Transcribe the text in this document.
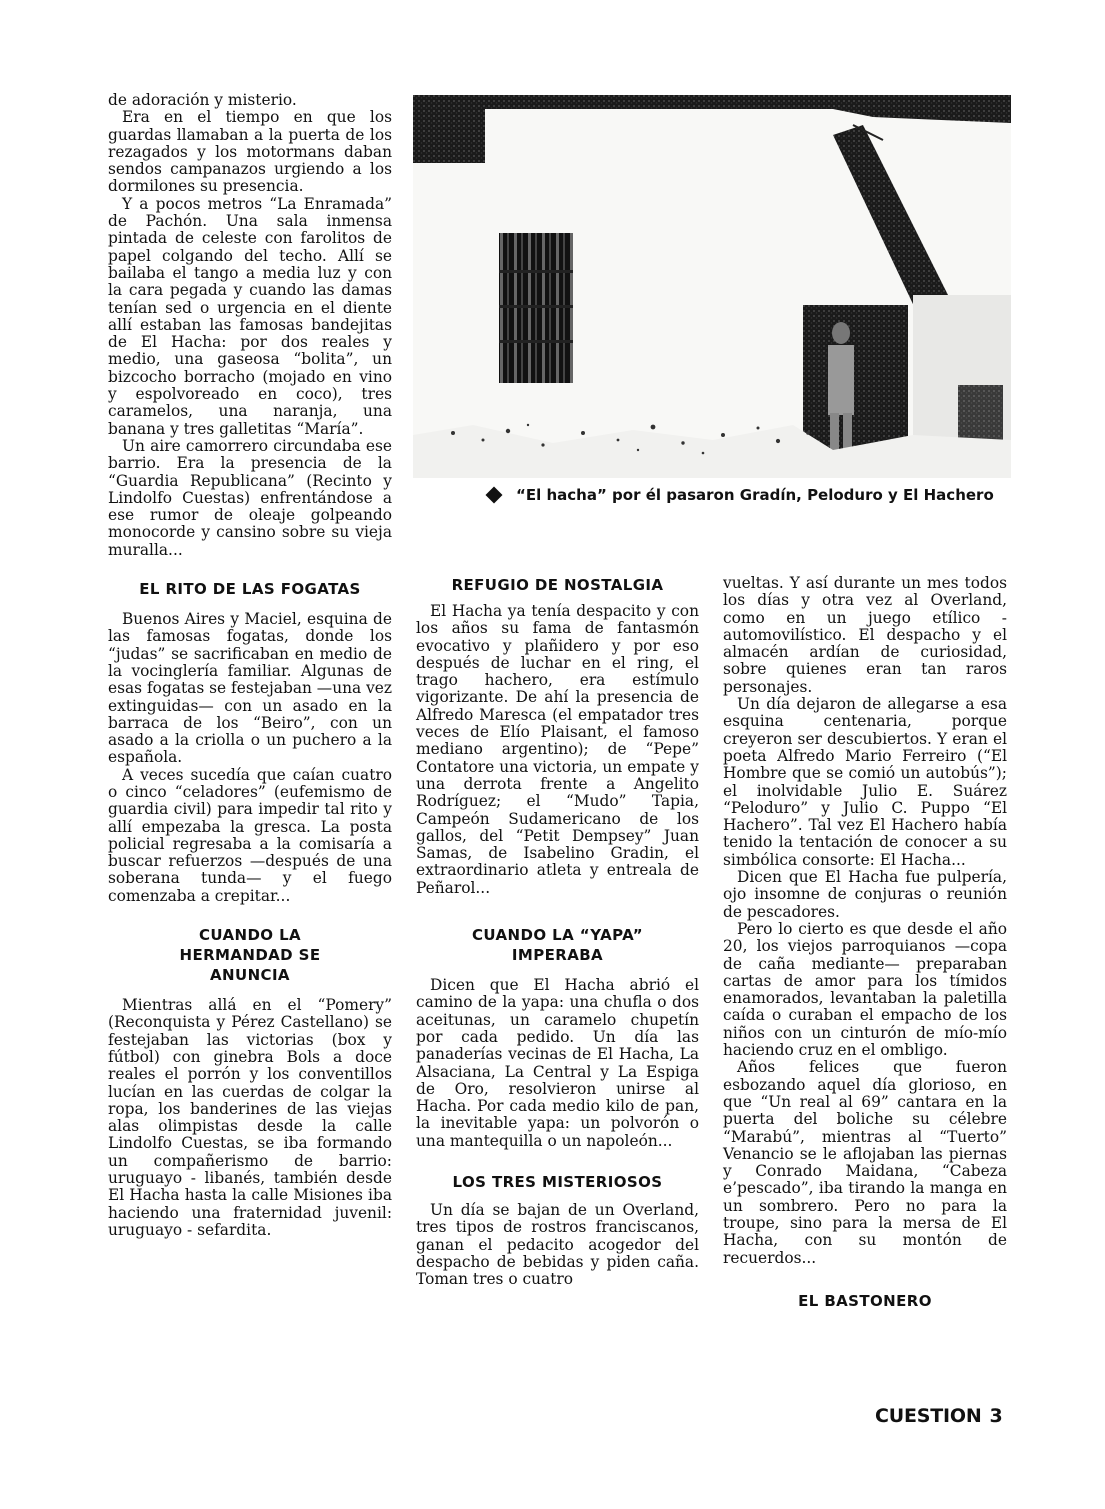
de adoración y misterio.

Era en el tiempo en que los guardas llamaban a la puerta de los rezagados y los motormans daban sendos campanazos urgiendo a los dormilones su presencia.

Y a pocos metros “La Enramada” de Pachón. Una sala inmensa pintada de celeste con farolitos de papel colgando del techo. Allí se bailaba el tango a media luz y con la cara pegada y cuando las damas tenían sed o urgencia en el diente allí estaban las famosas bandejitas de El Hacha: por dos reales y medio, una gaseosa “bolita”, un bizcocho borracho (mojado en vino y espolvoreado en coco), tres caramelos, una naranja, una banana y tres galletitas “María”.

Un aire camorrero circundaba ese barrio. Era la presencia de la “Guardia Republicana” (Recinto y Lindolfo Cuestas) enfrentándose a ese rumor de oleaje golpeando monocorde y cansino sobre su vieja muralla...

EL RITO DE LAS FOGATAS

Buenos Aires y Maciel, esquina de las famosas fogatas, donde los “judas” se sacrificaban en medio de la vocinglería familiar. Algunas de esas fogatas se festejaban —una vez extinguidas— con un asado en la barraca de los “Beiro”, con un asado a la criolla o un puchero a la española.

A veces sucedía que caían cuatro o cinco “celadores” (eufemismo de guardia civil) para impedir tal rito y allí empezaba la gresca. La posta policial regresaba a la comisaría a buscar refuerzos —después de una soberana tunda— y el fuego comenzaba a crepitar...

CUANDO LA HERMANDAD SE ANUNCIA

Mientras allá en el “Pomery” (Reconquista y Pérez Castellano) se festejaban las victorias (box y fútbol) con ginebra Bols a doce reales el porrón y los conventillos lucían en las cuerdas de colgar la ropa, los banderines de las viejas alas olimpistas desde la calle Lindolfo Cuestas, se iba formando un compañerismo de barrio: uruguayo - libanés, también desde El Hacha hasta la calle Misiones iba haciendo una fraternidad juvenil: uruguayo - sefardita.

“El hacha” por él pasaron Gradín, Peloduro y El Hachero
REFUGIO DE NOSTALGIA

El Hacha ya tenía despacito y con los años su fama de fantasmón evocativo y plañidero y por eso después de luchar en el ring, el trago hachero, era estímulo vigorizante. De ahí la presencia de Alfredo Maresca (el empatador tres veces de Elío Plaisant, el famoso mediano argentino); de “Pepe” Contatore una victoria, un empate y una derrota frente a Angelito Rodríguez; el “Mudo” Tapia, Campeón Sudamericano de los gallos, del “Petit Dempsey” Juan Samas, de Isabelino Gradin, el extraordinario atleta y entreala de Peñarol...

CUANDO LA “YAPA” IMPERABA

Dicen que El Hacha abrió el camino de la yapa: una chufla o dos aceitunas, un caramelo chupetín por cada pedido. Un día las panaderías vecinas de El Hacha, La Alsaciana, La Central y La Espiga de Oro, resolvieron unirse al Hacha. Por cada medio kilo de pan, la inevitable yapa: un polvorón o una mantequilla o un napoleón...

LOS TRES MISTERIOSOS

Un día se bajan de un Overland, tres tipos de rostros franciscanos, ganan el pedacito acogedor del despacho de bebidas y piden caña. Toman tres o cuatro

vueltas. Y así durante un mes todos los días y otra vez al Overland, como en un juego etílico - automovilístico. El despacho y el almacén ardían de curiosidad, sobre quienes eran tan raros personajes.

Un día dejaron de allegarse a esa esquina centenaria, porque creyeron ser descubiertos. Y eran el poeta Alfredo Mario Ferreiro (“El Hombre que se comió un autobús”); el inolvidable Julio E. Suárez “Peloduro” y Julio C. Puppo “El Hachero”. Tal vez El Hachero había tenido la tentación de conocer a su simbólica consorte: El Hacha...

Dicen que El Hacha fue pulpería, ojo insomne de conjuras o reunión de pescadores.

Pero lo cierto es que desde el año 20, los viejos parroquianos —copa de caña mediante— preparaban cartas de amor para los tímidos enamorados, levantaban la paletilla caída o curaban el empacho de los niños con un cinturón de mío-mío haciendo cruz en el ombligo.

Años felices que fueron esbozando aquel día glorioso, en que “Un real al 69” cantara en la puerta del boliche su célebre “Marabú”, mientras al “Tuerto” Venancio se le aflojaban las piernas y Conrado Maidana, “Cabeza e’pescado”, iba tirando la manga en un sombrero. Pero no para la troupe, sino para la mersa de El Hacha, con su montón de recuerdos...

EL BASTONERO
CUESTION 3
